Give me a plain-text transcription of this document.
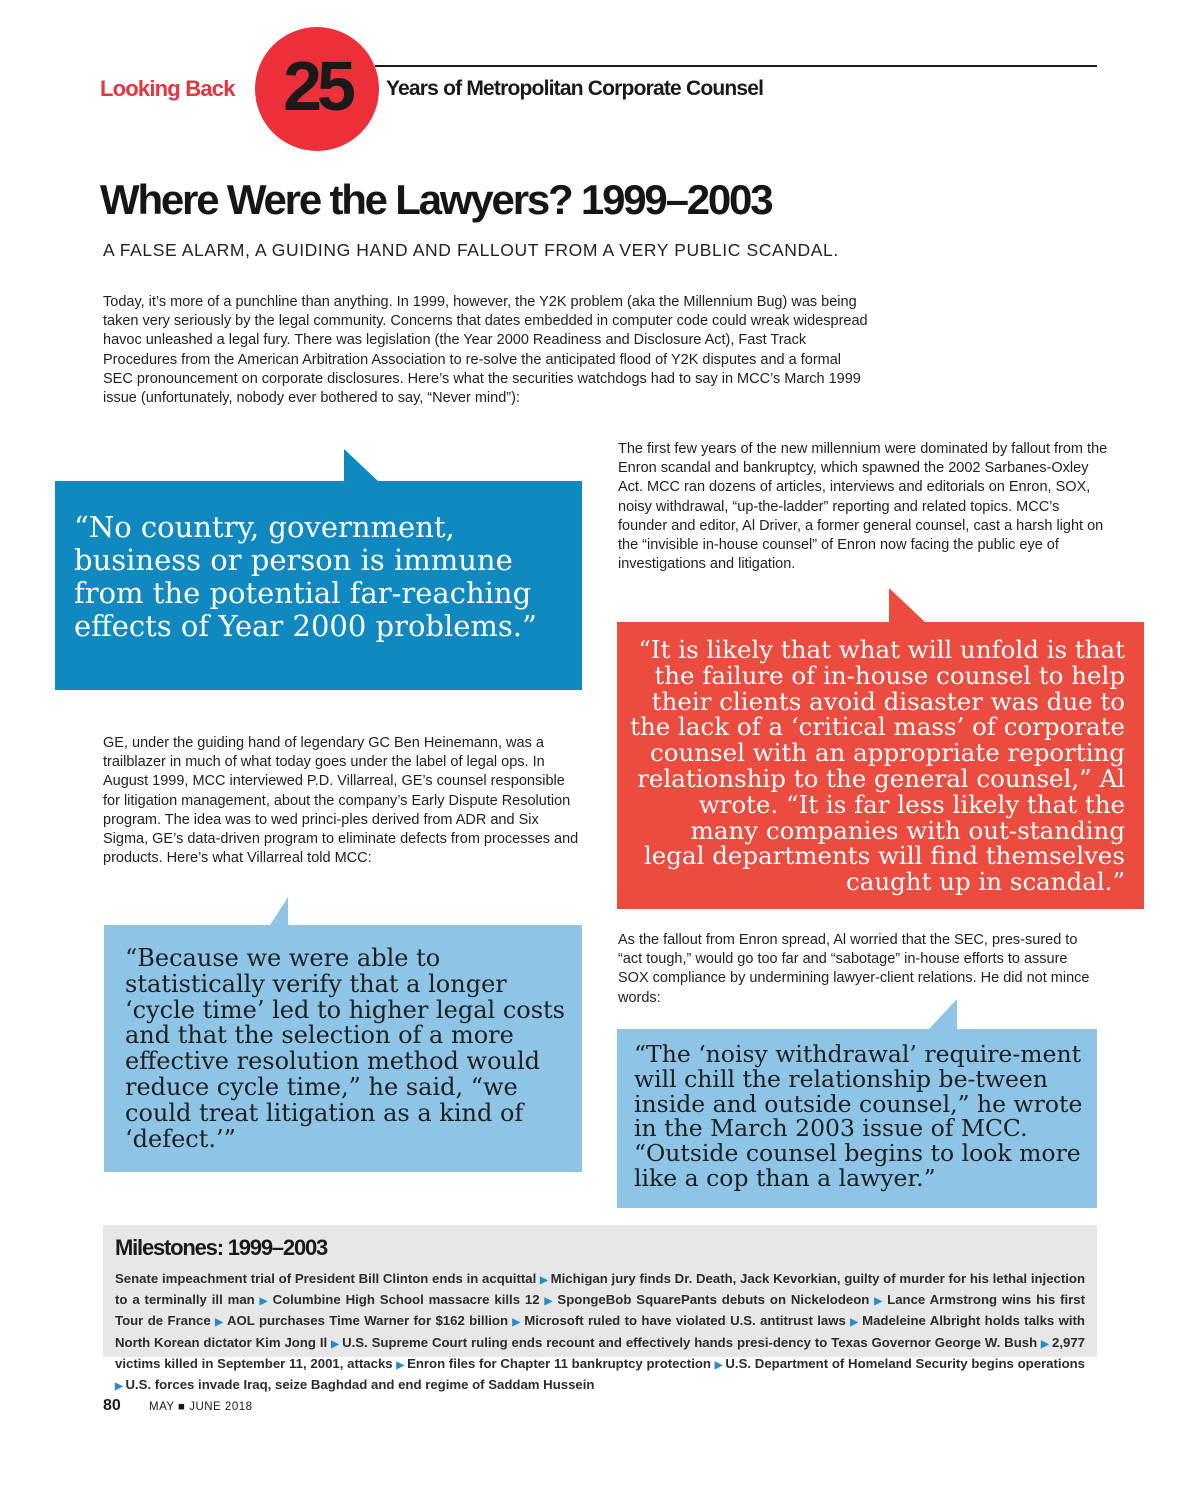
Looking Back 25 Years of Metropolitan Corporate Counsel
Where Were the Lawyers? 1999–2003
A FALSE ALARM, A GUIDING HAND AND FALLOUT FROM A VERY PUBLIC SCANDAL.

Today, it’s more of a punchline than anything. In 1999, however, the Y2K problem (aka the Millennium Bug) was being taken very seriously by the legal community. Concerns that dates embedded in computer code could wreak widespread havoc unleashed a legal fury. There was legislation (the Year 2000 Readiness and Disclosure Act), Fast Track Procedures from the American Arbitration Association to re-solve the anticipated flood of Y2K disputes and a formal SEC pronouncement on corporate disclosures. Here’s what the securities watchdogs had to say in MCC’s March 1999 issue (unfortunately, nobody ever bothered to say, “Never mind”):

“No country, government, business or person is immune from the potential far-reaching effects of Year 2000 problems.”

The first few years of the new millennium were dominated by fallout from the Enron scandal and bankruptcy, which spawned the 2002 Sarbanes-Oxley Act. MCC ran dozens of articles, interviews and editorials on Enron, SOX, noisy withdrawal, “up-the-ladder” reporting and related topics. MCC’s founder and editor, Al Driver, a former general counsel, cast a harsh light on the “invisible in-house counsel” of Enron now facing the public eye of investigations and litigation.

“It is likely that what will unfold is that the failure of in-house counsel to help their clients avoid disaster was due to the lack of a ‘critical mass’ of corporate counsel with an appropriate reporting relationship to the general counsel,” Al wrote. “It is far less likely that the many companies with out-standing legal departments will find themselves caught up in scandal.”

GE, under the guiding hand of legendary GC Ben Heinemann, was a trailblazer in much of what today goes under the label of legal ops. In August 1999, MCC interviewed P.D. Villarreal, GE’s counsel responsible for litigation management, about the company’s Early Dispute Resolution program. The idea was to wed princi-ples derived from ADR and Six Sigma, GE’s data-driven program to eliminate defects from processes and products. Here’s what Villarreal told MCC:

“Because we were able to statistically verify that a longer ‘cycle time’ led to higher legal costs and that the selection of a more effective resolution method would reduce cycle time,” he said, “we could treat litigation as a kind of ‘defect.’”

As the fallout from Enron spread, Al worried that the SEC, pres-sured to “act tough,” would go too far and “sabotage” in-house efforts to assure SOX compliance by undermining lawyer-client relations. He did not mince words:

“The ‘noisy withdrawal’ require-ment will chill the relationship be-tween inside and outside counsel,” he wrote in the March 2003 issue of MCC. “Outside counsel begins to look more like a cop than a lawyer.”

Milestones: 1999–2003
Senate impeachment trial of President Bill Clinton ends in acquittal ▶ Michigan jury finds Dr. Death, Jack Kevorkian, guilty of murder for his lethal injection to a terminally ill man ▶ Columbine High School massacre kills 12 ▶ SpongeBob SquarePants debuts on Nickelodeon ▶ Lance Armstrong wins his first Tour de France ▶ AOL purchases Time Warner for $162 billion ▶ Microsoft ruled to have violated U.S. antitrust laws ▶ Madeleine Albright holds talks with North Korean dictator Kim Jong Il ▶ U.S. Supreme Court ruling ends recount and effectively hands presi-dency to Texas Governor George W. Bush ▶ 2,977 victims killed in September 11, 2001, attacks ▶ Enron files for Chapter 11 bankruptcy protection ▶ U.S. Department of Homeland Security begins operations ▶ U.S. forces invade Iraq, seize Baghdad and end regime of Saddam Hussein
80 MAY ■ JUNE 2018
